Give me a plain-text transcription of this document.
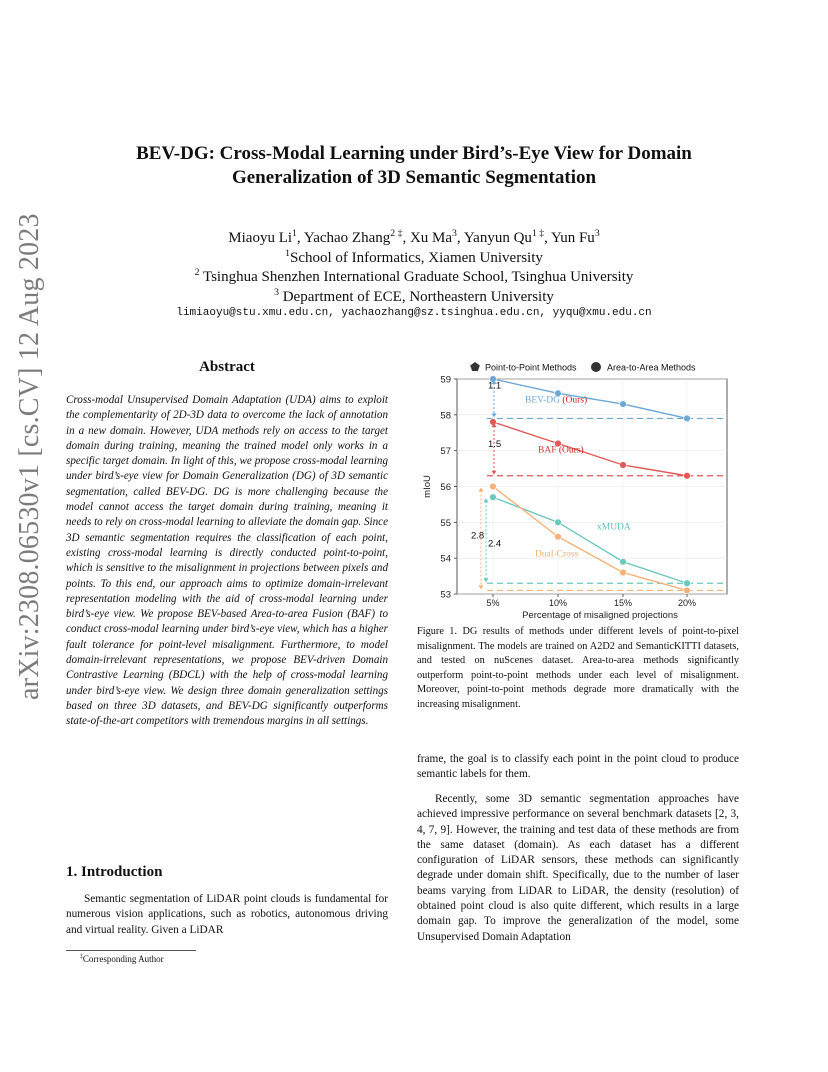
arXiv:2308.06530v1 [cs.CV] 12 Aug 2023
BEV-DG: Cross-Modal Learning under Bird’s-Eye View for Domain
Generalization of 3D Semantic Segmentation
Miaoyu Li$^1$, Yachao Zhang$^{2 \ddagger}$, Xu Ma$^3$, Yanyun $Qu^{1 \ddagger}$, Yun Fu$^3$
$^1$School of Informatics, Xiamen University
$^2$ Tsinghua Shenzhen International Graduate School, Tsinghua University
$^3$ Department of ECE, Northeastern University
limiaoyu@stu.xmu.edu.cn, yachaozhang@sz.tsinghua.edu.cn, yyqu@xmu.edu.cn
Abstract
Cross-modal Unsupervised Domain Adaptation (UDA) aims to exploit the complementarity of 2D-3D data to overcome the lack of annotation in a new domain. However, UDA methods rely on access to the target domain during training, meaning the trained model only works in a specific target domain. In light of this, we propose cross-modal learning under bird’s-eye view for Domain Generalization (DG) of 3D semantic segmentation, called BEV-DG. DG is more challenging because the model cannot access the target domain during training, meaning it needs to rely on cross-modal learning to alleviate the domain gap. Since 3D semantic segmentation requires the classification of each point, existing cross-modal learning is directly conducted point-to-point, which is sensitive to the misalignment in projections between pixels and points. To this end, our approach aims to optimize domain-irrelevant representation modeling with the aid of cross-modal learning under bird’s-eye view. We propose BEV-based Area-to-area Fusion (BAF) to conduct cross-modal learning under bird’s-eye view, which has a higher fault tolerance for point-level misalignment. Furthermore, to model domain-irrelevant representations, we propose BEV-driven Domain Contrastive Learning (BDCL) with the help of cross-modal learning under bird’s-eye view. We design three domain generalization settings based on three 3D datasets, and BEV-DG significantly outperforms state-of-the-art competitors with tremendous margins in all settings.
1. Introduction
Semantic segmentation of LiDAR point clouds is fundamental for numerous vision applications, such as robotics, autonomous driving and virtual reality. Given a LiDAR
‡Corresponding Author
53
54
55
56
57
58
59
5%	10%	15%	20%
Percentage of misaligned projections
mIoU
BEV-DG (Ours)
BAF (Ours)
xMUDA
Dual-Cross
1.1
1.5
2.8
2.4
Point-to-Point Methods	Area-to-Area Methods
Figure 1. DG results of methods under different levels of point-to-pixel misalignment. The models are trained on A2D2 and SemanticKITTI datasets, and tested on nuScenes dataset. Area-to-area methods significantly outperform point-to-point methods under each level of misalignment. Moreover, point-to-point methods degrade more dramatically with the increasing misalignment.
frame, the goal is to classify each point in the point cloud to produce semantic labels for them.
Recently, some 3D semantic segmentation approaches have achieved impressive performance on several benchmark datasets [2, 3, 4, 7, 9]. However, the training and test data of these methods are from the same dataset (domain). As each dataset has a different configuration of LiDAR sensors, these methods can significantly degrade under domain shift. Specifically, due to the number of laser beams varying from LiDAR to LiDAR, the density (resolution) of obtained point cloud is also quite different, which results in a large domain gap. To improve the generalization of the model, some Unsupervised Domain Adaptation
